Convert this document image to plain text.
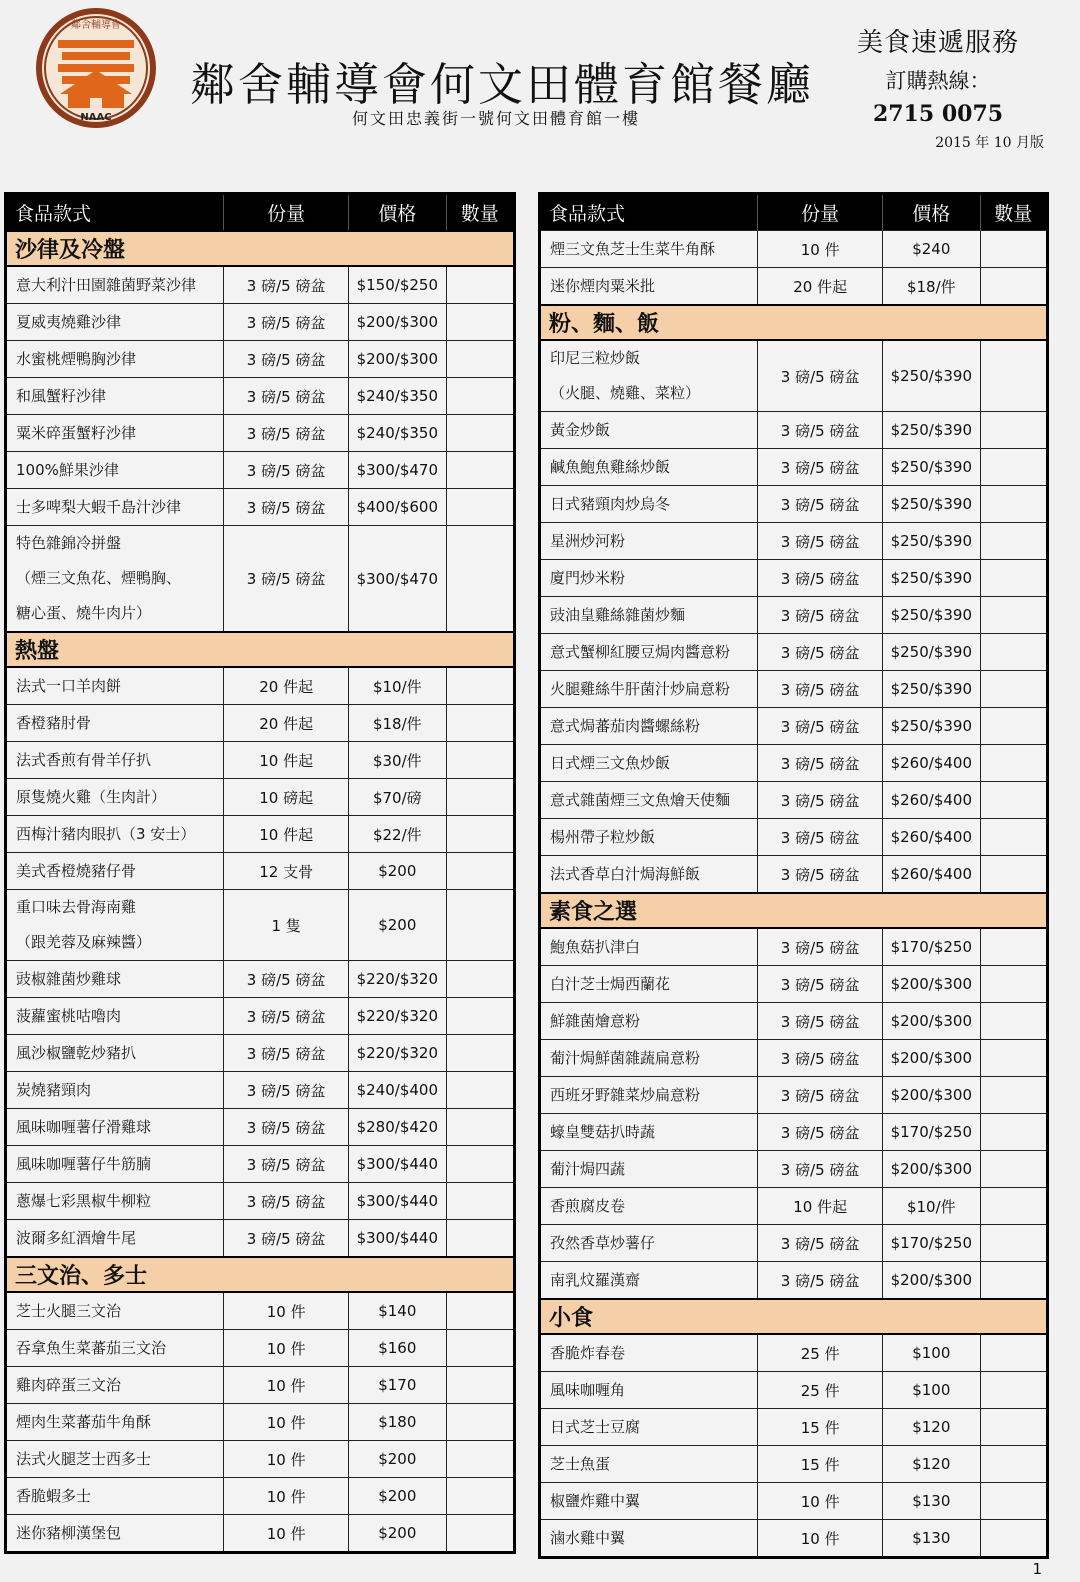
鄰舍輔導會
NAAC
鄰舍輔導會何文田體育館餐廳
何文田忠義街一號何文田體育館一樓
美食速遞服務
訂購熱線：
2715 0075
2015 年 10 月版
食品款式	份量	價格	數量
沙律及冷盤			

意大利汁田園雜菌野菜沙律	3 磅/5 磅盆	$150/$250	

夏威夷燒雞沙律	3 磅/5 磅盆	$200/$300	

水蜜桃煙鴨胸沙律	3 磅/5 磅盆	$200/$300	

和風蟹籽沙律	3 磅/5 磅盆	$240/$350	

粟米碎蛋蟹籽沙律	3 磅/5 磅盆	$240/$350	

100%鮮果沙律	3 磅/5 磅盆	$300/$470	

士多啤梨大蝦千島汁沙律	3 磅/5 磅盆	$400/$600	

特色雜錦冷拼盤
（煙三文魚花、煙鴨胸、
糖心蛋、燒牛肉片）	3 磅/5 磅盆	$300/$470	
熱盤			

法式一口羊肉餅	20 件起	$10/件	

香橙豬肘骨	20 件起	$18/件	

法式香煎有骨羊仔扒	10 件起	$30/件	

原隻燒火雞（生肉計）	10 磅起	$70/磅	

西梅汁豬肉眼扒（3 安士）	10 件起	$22/件	

美式香橙燒豬仔骨	12 支骨	$200	

重口味去骨海南雞
（跟羌蓉及麻辣醬）	1 隻	$200	

豉椒雜菌炒雞球	3 磅/5 磅盆	$220/$320	

菠蘿蜜桃咕嚕肉	3 磅/5 磅盆	$220/$320	

風沙椒鹽乾炒豬扒	3 磅/5 磅盆	$220/$320	

炭燒豬頸肉	3 磅/5 磅盆	$240/$400	

風味咖喱薯仔滑雞球	3 磅/5 磅盆	$280/$420	

風味咖喱薯仔牛筋腩	3 磅/5 磅盆	$300/$440	

蔥爆七彩黑椒牛柳粒	3 磅/5 磅盆	$300/$440	

波爾多紅酒燴牛尾	3 磅/5 磅盆	$300/$440	
三文治、多士			

芝士火腿三文治	10 件	$140	

吞拿魚生菜蕃茄三文治	10 件	$160	

雞肉碎蛋三文治	10 件	$170	

煙肉生菜蕃茄牛角酥	10 件	$180	

法式火腿芝士西多士	10 件	$200	

香脆蝦多士	10 件	$200	

迷你豬柳漢堡包	10 件	$200	
食品款式	份量	價格	數量

煙三文魚芝士生菜牛角酥	10 件	$240	

迷你煙肉粟米批	20 件起	$18/件	
粉、麵、飯			

印尼三粒炒飯
（火腿、燒雞、菜粒）	3 磅/5 磅盆	$250/$390	

黃金炒飯	3 磅/5 磅盆	$250/$390	

鹹魚鮑魚雞絲炒飯	3 磅/5 磅盆	$250/$390	

日式豬頸肉炒烏冬	3 磅/5 磅盆	$250/$390	

星洲炒河粉	3 磅/5 磅盆	$250/$390	

廈門炒米粉	3 磅/5 磅盆	$250/$390	

豉油皇雞絲雜菌炒麵	3 磅/5 磅盆	$250/$390	

意式蟹柳紅腰豆焗肉醬意粉	3 磅/5 磅盆	$250/$390	

火腿雞絲牛肝菌汁炒扁意粉	3 磅/5 磅盆	$250/$390	

意式焗蕃茄肉醬螺絲粉	3 磅/5 磅盆	$250/$390	

日式煙三文魚炒飯	3 磅/5 磅盆	$260/$400	

意式雜菌煙三文魚燴天使麵	3 磅/5 磅盆	$260/$400	

楊州帶子粒炒飯	3 磅/5 磅盆	$260/$400	

法式香草白汁焗海鮮飯	3 磅/5 磅盆	$260/$400	
素食之選			

鮑魚菇扒津白	3 磅/5 磅盆	$170/$250	

白汁芝士焗西蘭花	3 磅/5 磅盆	$200/$300	

鮮雜菌燴意粉	3 磅/5 磅盆	$200/$300	

葡汁焗鮮菌雜蔬扁意粉	3 磅/5 磅盆	$200/$300	

西班牙野雜菜炒扁意粉	3 磅/5 磅盆	$200/$300	

蠔皇雙菇扒時蔬	3 磅/5 磅盆	$170/$250	

葡汁焗四蔬	3 磅/5 磅盆	$200/$300	

香煎腐皮卷	10 件起	$10/件	

孜然香草炒薯仔	3 磅/5 磅盆	$170/$250	

南乳炆羅漢齋	3 磅/5 磅盆	$200/$300	
小食			

香脆炸春卷	25 件	$100	

風味咖喱角	25 件	$100	

日式芝士豆腐	15 件	$120	

芝士魚蛋	15 件	$120	

椒鹽炸雞中翼	10 件	$130	

滷水雞中翼	10 件	$130	
1
